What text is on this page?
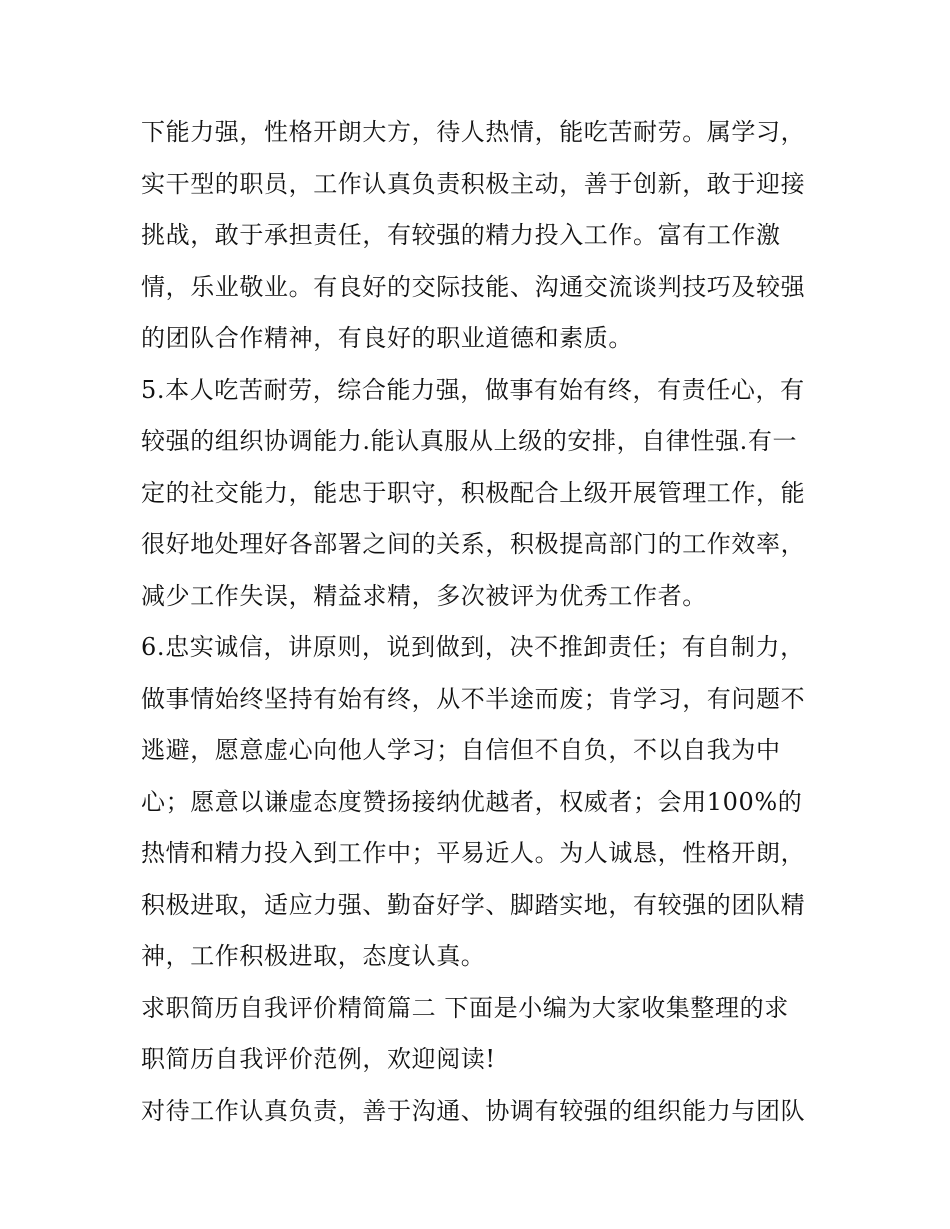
下能力强，性格开朗大方，待人热情，能吃苦耐劳。属学习，
实干型的职员，工作认真负责积极主动，善于创新，敢于迎接
挑战，敢于承担责任，有较强的精力投入工作。富有工作激
情，乐业敬业。有良好的交际技能、沟通交流谈判技巧及较强
的团队合作精神，有良好的职业道德和素质。
5.本人吃苦耐劳，综合能力强，做事有始有终，有责任心，有
较强的组织协调能力.能认真服从上级的安排，自律性强.有一
定的社交能力，能忠于职守，积极配合上级开展管理工作，能
很好地处理好各部署之间的关系，积极提高部门的工作效率，
减少工作失误，精益求精，多次被评为优秀工作者。
6.忠实诚信，讲原则，说到做到，决不推卸责任；有自制力，
做事情始终坚持有始有终，从不半途而废；肯学习，有问题不
逃避，愿意虚心向他人学习；自信但不自负，不以自我为中
心；愿意以谦虚态度赞扬接纳优越者，权威者；会用100%的
热情和精力投入到工作中；平易近人。为人诚恳，性格开朗，
积极进取，适应力强、勤奋好学、脚踏实地，有较强的团队精
神，工作积极进取，态度认真。
求职简历自我评价精简篇二 下面是小编为大家收集整理的求
职简历自我评价范例，欢迎阅读!
对待工作认真负责，善于沟通、协调有较强的组织能力与团队
